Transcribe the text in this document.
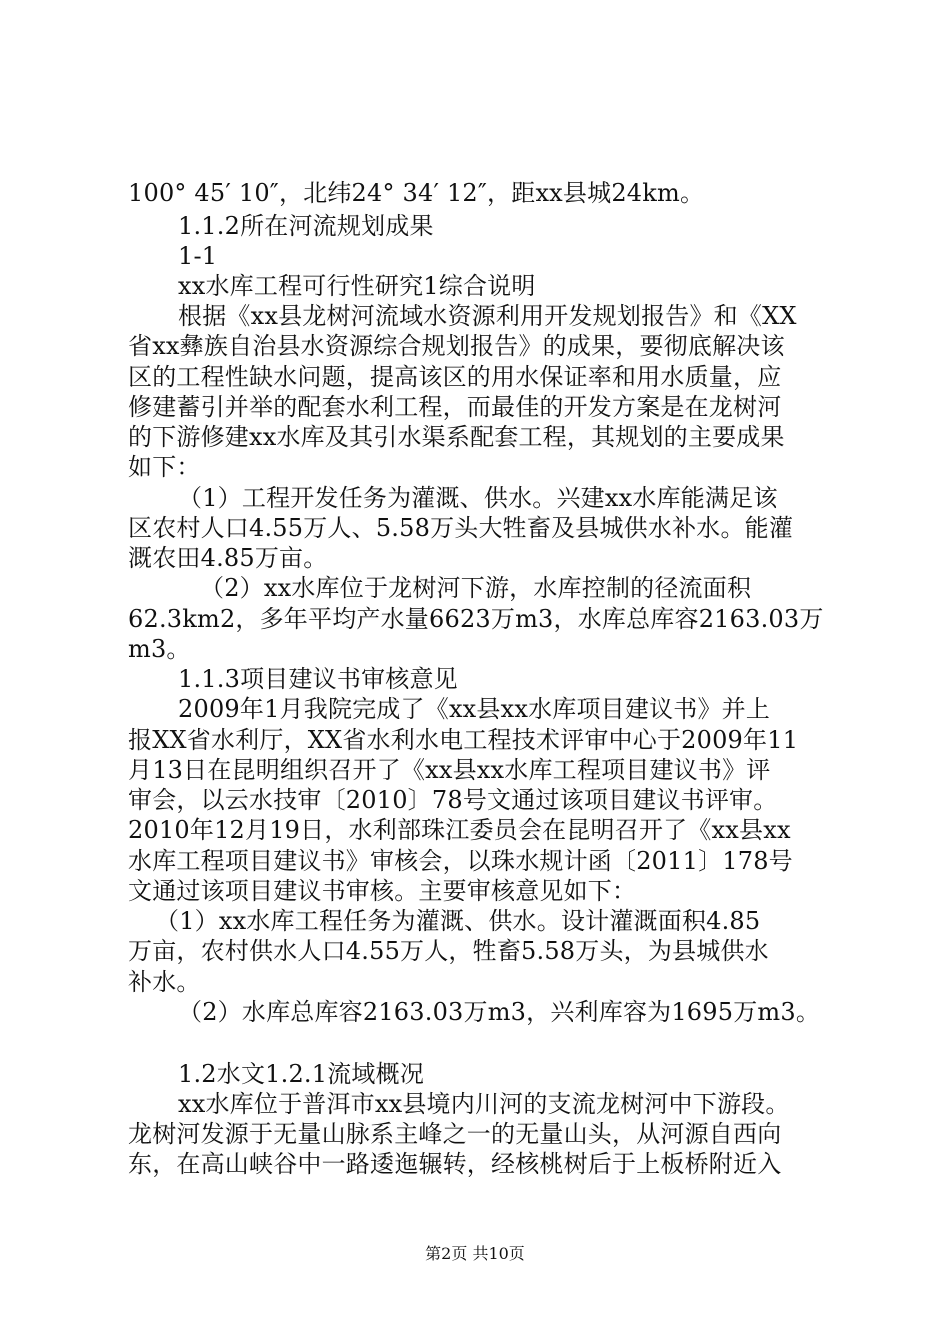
100° 45′ 10″，北纬24° 34′ 12″，距xx县城24km。
1.1.2所在河流规划成果
1-1
xx水库工程可行性研究1综合说明
根据《xx县龙树河流域水资源利用开发规划报告》和《XX
省xx彝族自治县水资源综合规划报告》的成果，要彻底解决该
区的工程性缺水问题，提高该区的用水保证率和用水质量，应
修建蓄引并举的配套水利工程，而最佳的开发方案是在龙树河
的下游修建xx水库及其引水渠系配套工程，其规划的主要成果
如下：
（1）工程开发任务为灌溉、供水。兴建xx水库能满足该
区农村人口4.55万人、5.58万头大牲畜及县城供水补水。能灌
溉农田4.85万亩。
（2）xx水库位于龙树河下游，水库控制的径流面积
62.3km2，多年平均产水量6623万m3，水库总库容2163.03万
m3。
1.1.3项目建议书审核意见
2009年1月我院完成了《xx县xx水库项目建议书》并上
报XX省水利厅，XX省水利水电工程技术评审中心于2009年11
月13日在昆明组织召开了《xx县xx水库工程项目建议书》评
审会，以云水技审〔2010〕78号文通过该项目建议书评审。
2010年12月19日，水利部珠江委员会在昆明召开了《xx县xx
水库工程项目建议书》审核会，以珠水规计函〔2011〕178号
文通过该项目建议书审核。主要审核意见如下：
（1）xx水库工程任务为灌溉、供水。设计灌溉面积4.85
万亩，农村供水人口4.55万人，牲畜5.58万头，为县城供水
补水。
（2）水库总库容2163.03万m3，兴利库容为1695万m3。
1.2水文1.2.1流域概况
xx水库位于普洱市xx县境内川河的支流龙树河中下游段。
龙树河发源于无量山脉系主峰之一的无量山头，从河源自西向
东，在高山峡谷中一路逶迤辗转，经核桃树后于上板桥附近入
第2页 共10页
